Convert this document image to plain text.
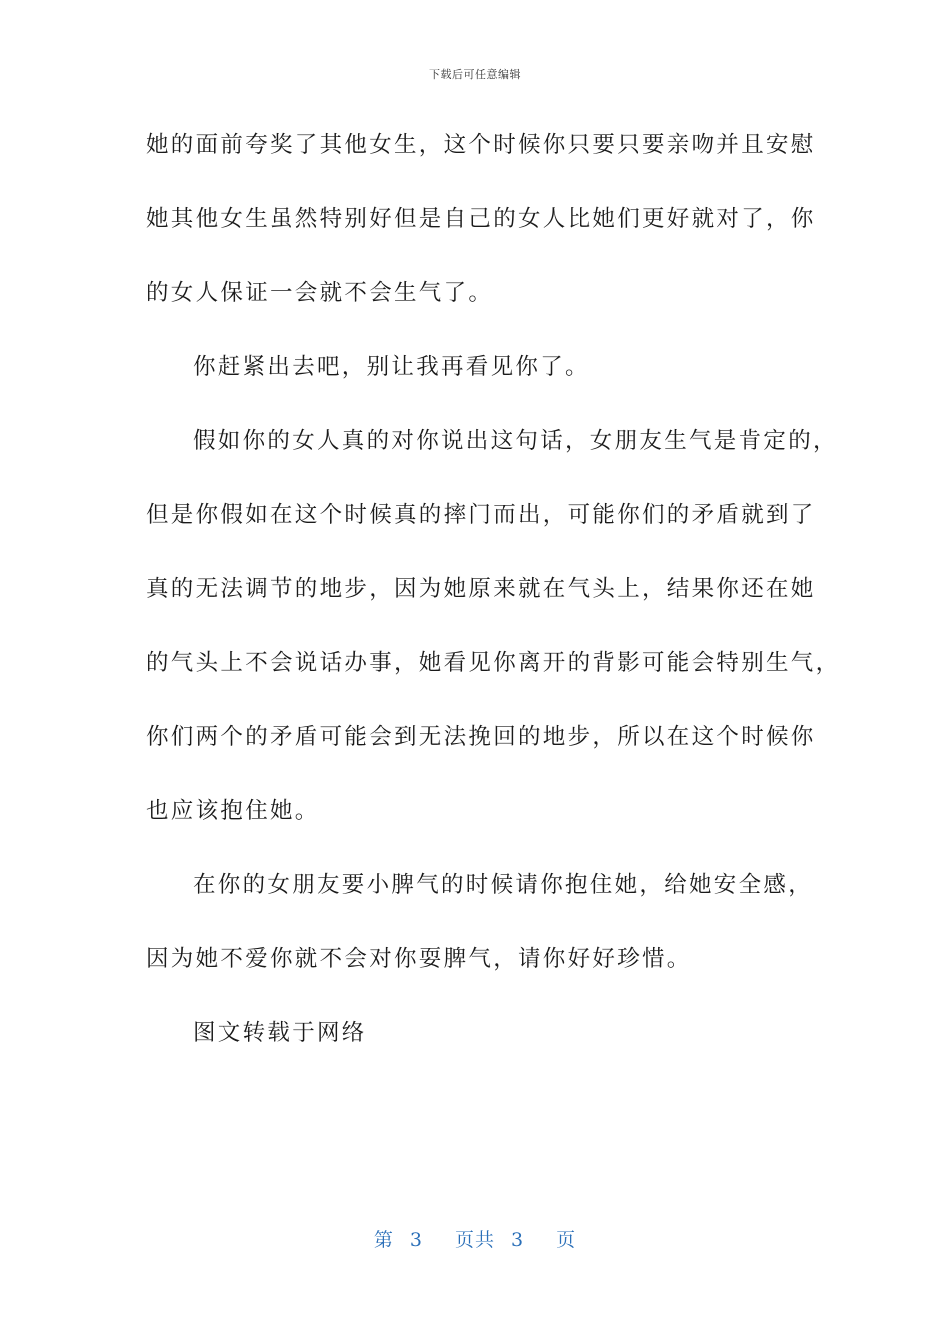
下载后可任意编辑
她的面前夸奖了其他女生，这个时候你只要只要亲吻并且安慰
她其他女生虽然特别好但是自己的女人比她们更好就对了，你
的女人保证一会就不会生气了。
你赶紧出去吧，别让我再看见你了。
假如你的女人真的对你说出这句话，女朋友生气是肯定的，
但是你假如在这个时候真的摔门而出，可能你们的矛盾就到了
真的无法调节的地步，因为她原来就在气头上，结果你还在她
的气头上不会说话办事，她看见你离开的背影可能会特别生气，
你们两个的矛盾可能会到无法挽回的地步，所以在这个时候你
也应该抱住她。
在你的女朋友要小脾气的时候请你抱住她，给她安全感，
因为她不爱你就不会对你耍脾气，请你好好珍惜。
图文转载于网络
第 3 页共 3 页
